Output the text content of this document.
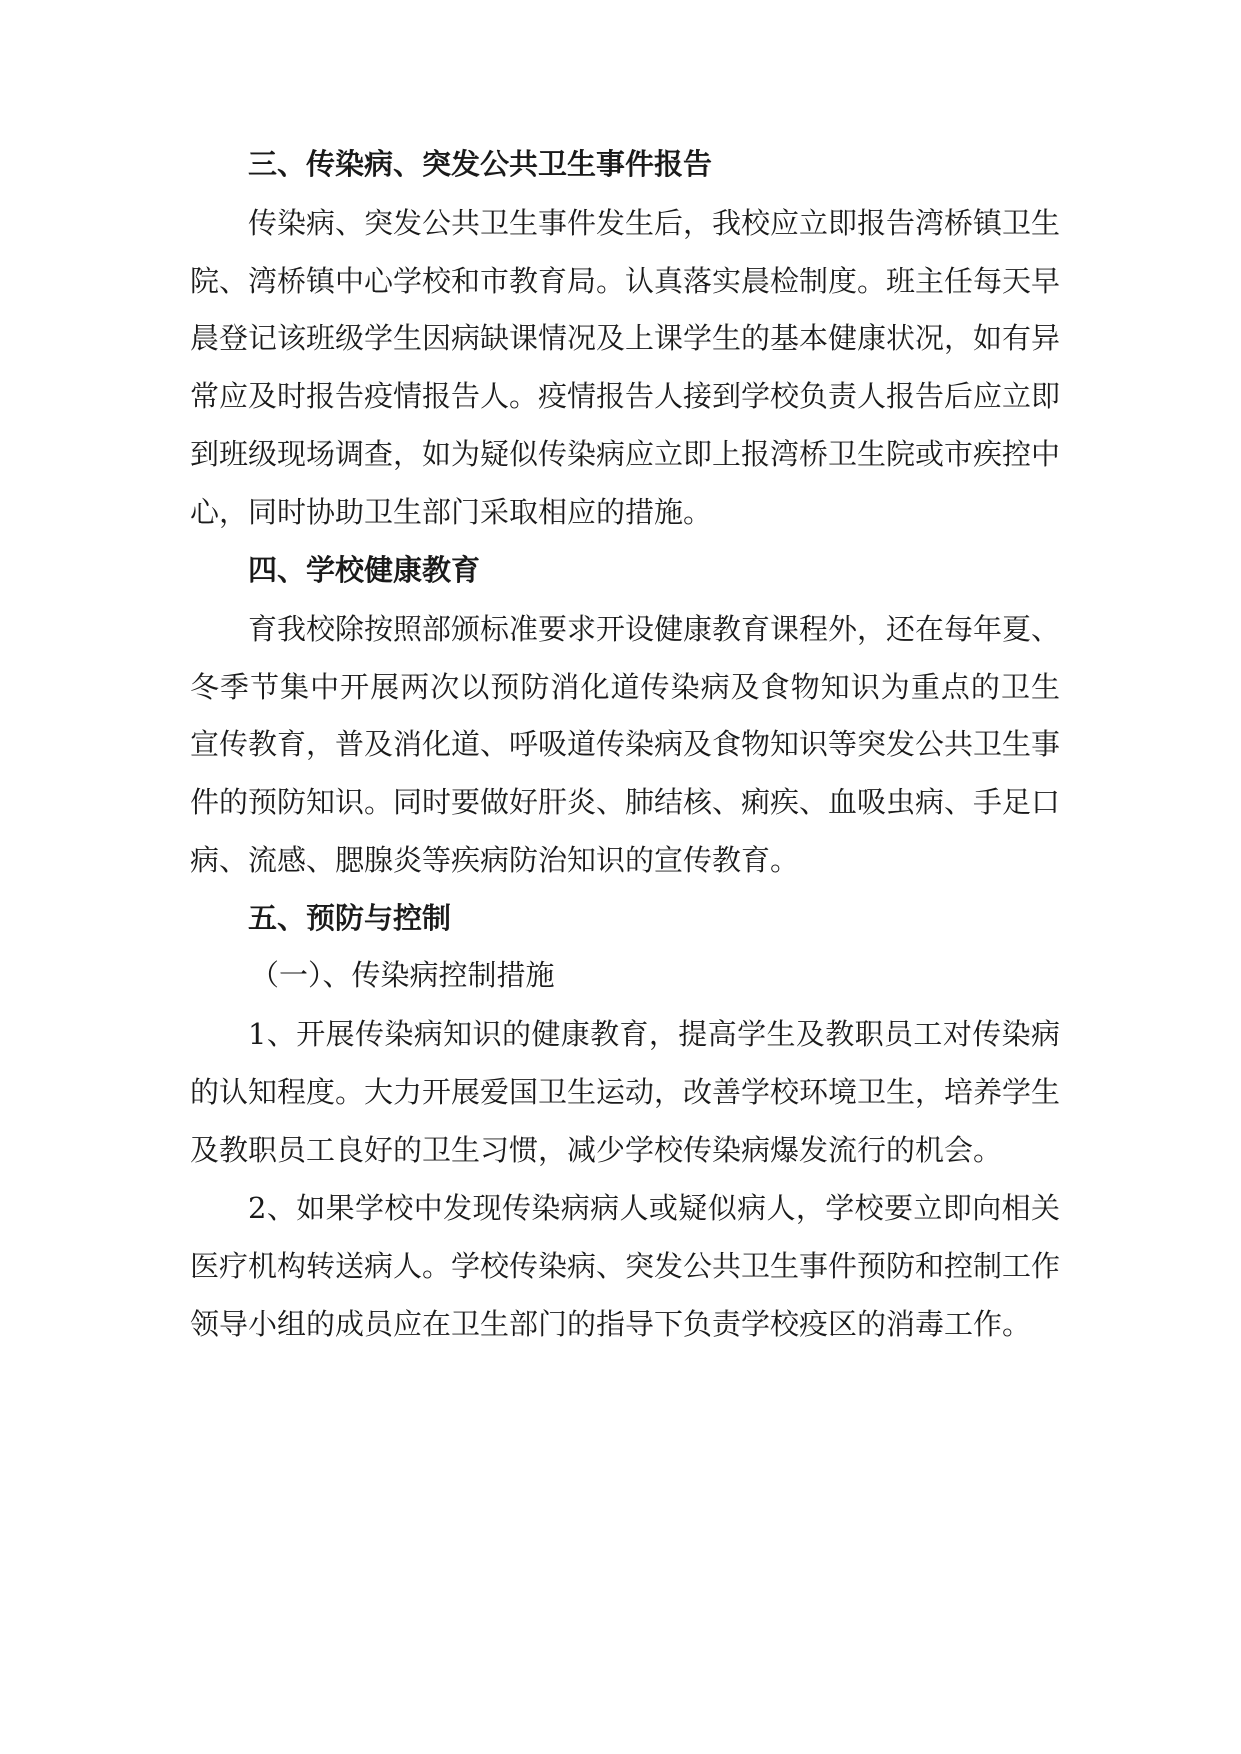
三、传染病、突发公共卫生事件报告

传染病、突发公共卫生事件发生后，我校应立即报告湾桥镇卫生

院、湾桥镇中心学校和市教育局。认真落实晨检制度。班主任每天早

晨登记该班级学生因病缺课情况及上课学生的基本健康状况，如有异

常应及时报告疫情报告人。疫情报告人接到学校负责人报告后应立即

到班级现场调查，如为疑似传染病应立即上报湾桥卫生院或市疾控中

心，同时协助卫生部门采取相应的措施。

四、学校健康教育

育我校除按照部颁标准要求开设健康教育课程外，还在每年夏、

冬季节集中开展两次以预防消化道传染病及食物知识为重点的卫生

宣传教育，普及消化道、呼吸道传染病及食物知识等突发公共卫生事

件的预防知识。同时要做好肝炎、肺结核、痢疾、血吸虫病、手足口

病、流感、腮腺炎等疾病防治知识的宣传教育。

五、预防与控制

（一）、传染病控制措施

1、开展传染病知识的健康教育，提高学生及教职员工对传染病

的认知程度。大力开展爱国卫生运动，改善学校环境卫生，培养学生

及教职员工良好的卫生习惯，减少学校传染病爆发流行的机会。

2、如果学校中发现传染病病人或疑似病人，学校要立即向相关

医疗机构转送病人。学校传染病、突发公共卫生事件预防和控制工作

领导小组的成员应在卫生部门的指导下负责学校疫区的消毒工作。
